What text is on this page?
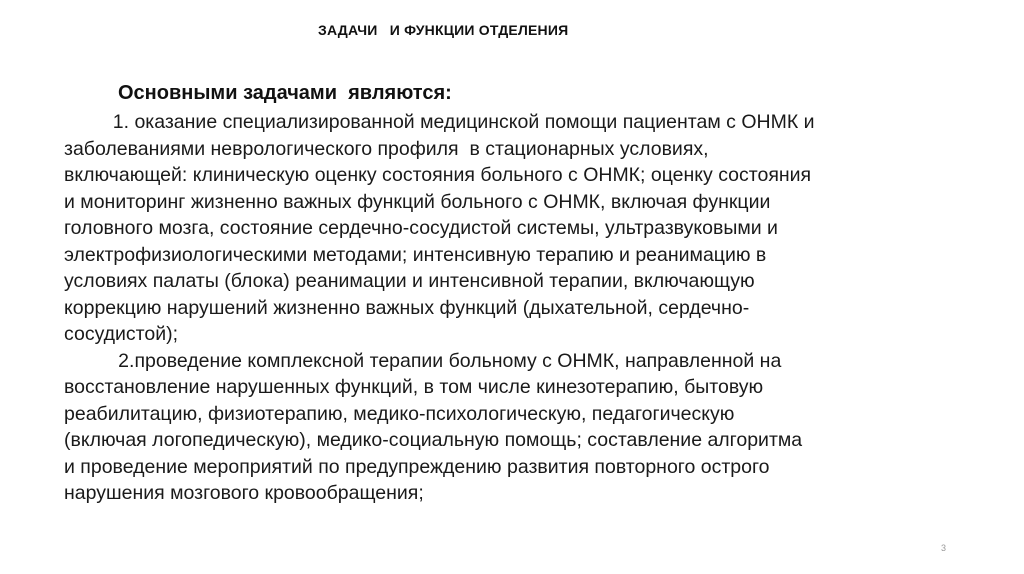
ЗАДАЧИ   И ФУНКЦИИ ОТДЕЛЕНИЯ
Основными задачами  являются:
1. оказание специализированной медицинской помощи пациентам с ОНМК и
заболеваниями неврологического профиля  в стационарных условиях,
включающей: клиническую оценку состояния больного с ОНМК; оценку состояния
и мониторинг жизненно важных функций больного с ОНМК, включая функции
головного мозга, состояние сердечно-сосудистой системы, ультразвуковыми и
электрофизиологическими методами; интенсивную терапию и реанимацию в
условиях палаты (блока) реанимации и интенсивной терапии, включающую
коррекцию нарушений жизненно важных функций (дыхательной, сердечно-
сосудистой);
2.проведение комплексной терапии больному с ОНМК, направленной на
восстановление нарушенных функций, в том числе кинезотерапию, бытовую
реабилитацию, физиотерапию, медико-психологическую, педагогическую
(включая логопедическую), медико-социальную помощь; составление алгоритма
и проведение мероприятий по предупреждению развития повторного острого
нарушения мозгового кровообращения;
3
